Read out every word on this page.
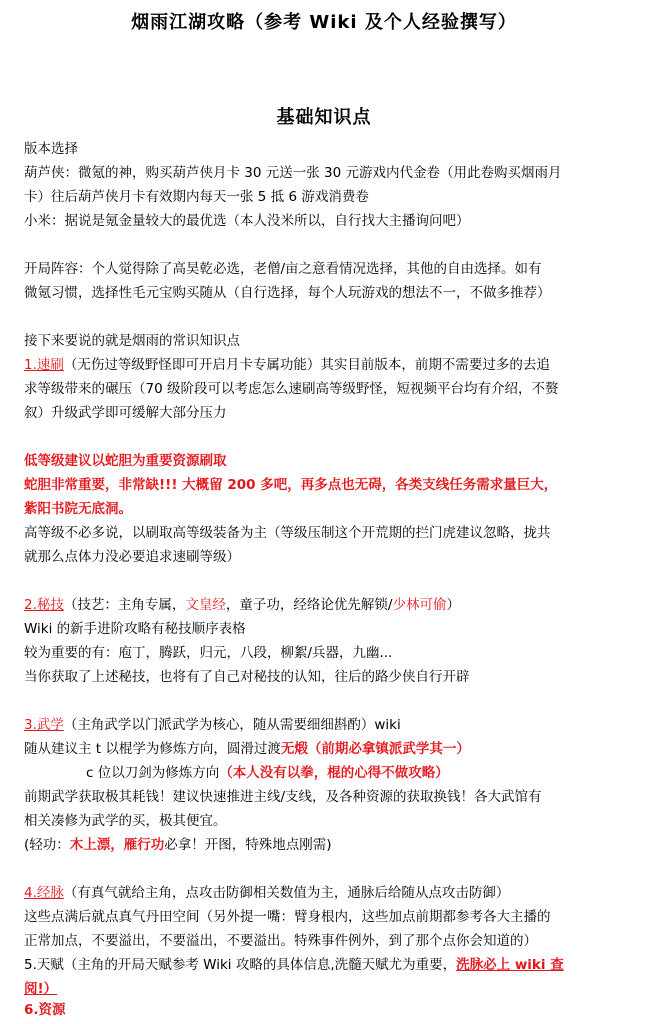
烟雨江湖攻略（参考 Wiki 及个人经验撰写）
基础知识点
版本选择
葫芦侠：微氪的神，购买葫芦侠月卡 30 元送一张 30 元游戏内代金卷（用此卷购买烟雨月
卡）往后葫芦侠月卡有效期内每天一张 5 抵 6 游戏消费卷
小米：据说是氪金量较大的最优选（本人没米所以，自行找大主播询问吧）
开局阵容：个人觉得除了高昊乾必选，老僧/亩之意看情况选择，其他的自由选择。如有
微氪习惯，选择性毛元宝购买随从（自行选择，每个人玩游戏的想法不一，不做多推荐）
接下来要说的就是烟雨的常识知识点
1.速刷（无伤过等级野怪即可开启月卡专属功能）其实目前版本，前期不需要过多的去追
求等级带来的碾压（70 级阶段可以考虑怎么速刷高等级野怪，短视频平台均有介绍，不赘
叙）升级武学即可缓解大部分压力
低等级建议以蛇胆为重要资源刷取
蛇胆非常重要，非常缺!!! 大概留 200 多吧，再多点也无碍，各类支线任务需求量巨大，
紫阳书院无底洞。
高等级不必多说，以刷取高等级装备为主（等级压制这个开荒期的拦门虎建议忽略，拢共
就那么点体力没必要追求速刷等级）
2.秘技（技艺：主角专属，文皇经，童子功，经络论优先解锁/少林可偷）
Wiki 的新手进阶攻略有秘技顺序表格
较为重要的有：庖丁，腾跃，归元，八段，柳絮/兵器，九幽...
当你获取了上述秘技，也将有了自己对秘技的认知，往后的路少侠自行开辟
3.武学（主角武学以门派武学为核心，随从需要细细斟酌）wiki
随从建议主 t 以棍学为修炼方向，圆滑过渡无煅（前期必拿镇派武学其一）
c 位以刀剑为修炼方向（本人没有以拳，棍的心得不做攻略）
前期武学获取极其耗钱！建议快速推进主线/支线，及各种资源的获取换钱！各大武馆有
相关凑修为武学的买，极其便宜。
(轻功：木上漂，雁行功必拿！开图，特殊地点刚需)
4.经脉（有真气就给主角，点攻击防御相关数值为主，通脉后给随从点攻击防御）
这些点满后就点真气丹田空间（另外提一嘴：臂身根内，这些加点前期都参考各大主播的
正常加点，不要溢出，不要溢出，不要溢出。特殊事件例外，到了那个点你会知道的）
5.天赋（主角的开局天赋参考 Wiki 攻略的具体信息,洗髓天赋尤为重要，洗脉必上 wiki 查
阅!）
6.资源
